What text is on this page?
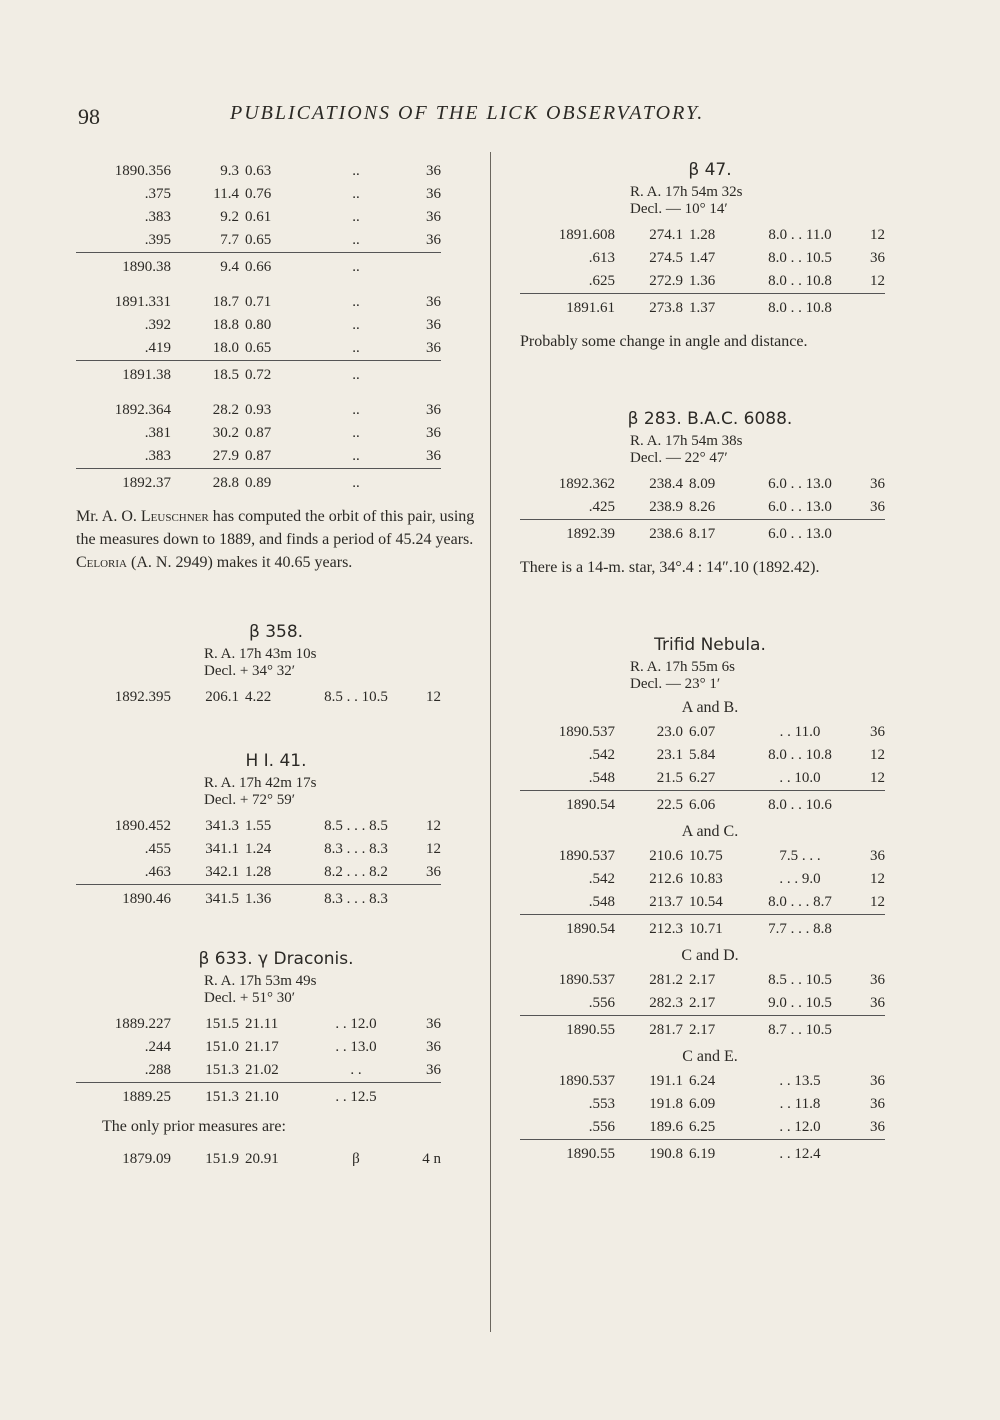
98	PUBLICATIONS OF THE LICK OBSERVATORY.
1890.356	9.3	0.63	..	36
.375	11.4	0.76	..	36
.383	9.2	0.61	..	36
.395	7.7	0.65	..	36
1890.38	9.4	0.66	..	

1891.331	18.7	0.71	..	36
.392	18.8	0.80	..	36
.419	18.0	0.65	..	36
1891.38	18.5	0.72	..	

1892.364	28.2	0.93	..	36
.381	30.2	0.87	..	36
.383	27.9	0.87	..	36
1892.37	28.8	0.89	..	

Mr. A. O. Leuschner has computed the orbit of this pair, using the measures down to 1889, and finds a period of 45.24 years. Celoria (A. N. 2949) makes it 40.65 years.

β 358.
R. A. 17h 43m 10s
Decl. + 34° 32′
1892.395	206.1	4.22	8.5 . . 10.5	12
H I. 41.
R. A. 17h 42m 17s
Decl. + 72° 59′
1890.452	341.3	1.55	8.5 . . . 8.5	12
.455	341.1	1.24	8.3 . . . 8.3	12
.463	342.1	1.28	8.2 . . . 8.2	36
1890.46	341.5	1.36	8.3 . . . 8.3	
β 633. γ Draconis.
R. A. 17h 53m 49s
Decl. + 51° 30′
1889.227	151.5	21.11	. . 12.0	36
.244	151.0	21.17	. . 13.0	36
.288	151.3	21.02	. .	36
1889.25	151.3	21.10	. . 12.5	

The only prior measures are:

1879.09	151.9	20.91	β	4 n
β 47.
R. A. 17h 54m 32s
Decl. — 10° 14′
1891.608	274.1	1.28	8.0 . . 11.0	12
.613	274.5	1.47	8.0 . . 10.5	36
.625	272.9	1.36	8.0 . . 10.8	12
1891.61	273.8	1.37	8.0 . . 10.8	

Probably some change in angle and distance.

β 283. B.A.C. 6088.
R. A. 17h 54m 38s
Decl. — 22° 47′
1892.362	238.4	8.09	6.0 . . 13.0	36
.425	238.9	8.26	6.0 . . 13.0	36
1892.39	238.6	8.17	6.0 . . 13.0	

There is a 14-m. star, 34°.4 : 14″.10 (1892.42).

Trifid Nebula.
R. A. 17h 55m 6s
Decl. — 23° 1′
A and B.
1890.537	23.0	6.07	. . 11.0	36
.542	23.1	5.84	8.0 . . 10.8	12
.548	21.5	6.27	. . 10.0	12
1890.54	22.5	6.06	8.0 . . 10.6	
A and C.
1890.537	210.6	10.75	7.5 . . .	36
.542	212.6	10.83	. . . 9.0	12
.548	213.7	10.54	8.0 . . . 8.7	12
1890.54	212.3	10.71	7.7 . . . 8.8	
C and D.
1890.537	281.2	2.17	8.5 . . 10.5	36
.556	282.3	2.17	9.0 . . 10.5	36
1890.55	281.7	2.17	8.7 . . 10.5	
C and E.
1890.537	191.1	6.24	. . 13.5	36
.553	191.8	6.09	. . 11.8	36
.556	189.6	6.25	. . 12.0	36
1890.55	190.8	6.19	. . 12.4	
